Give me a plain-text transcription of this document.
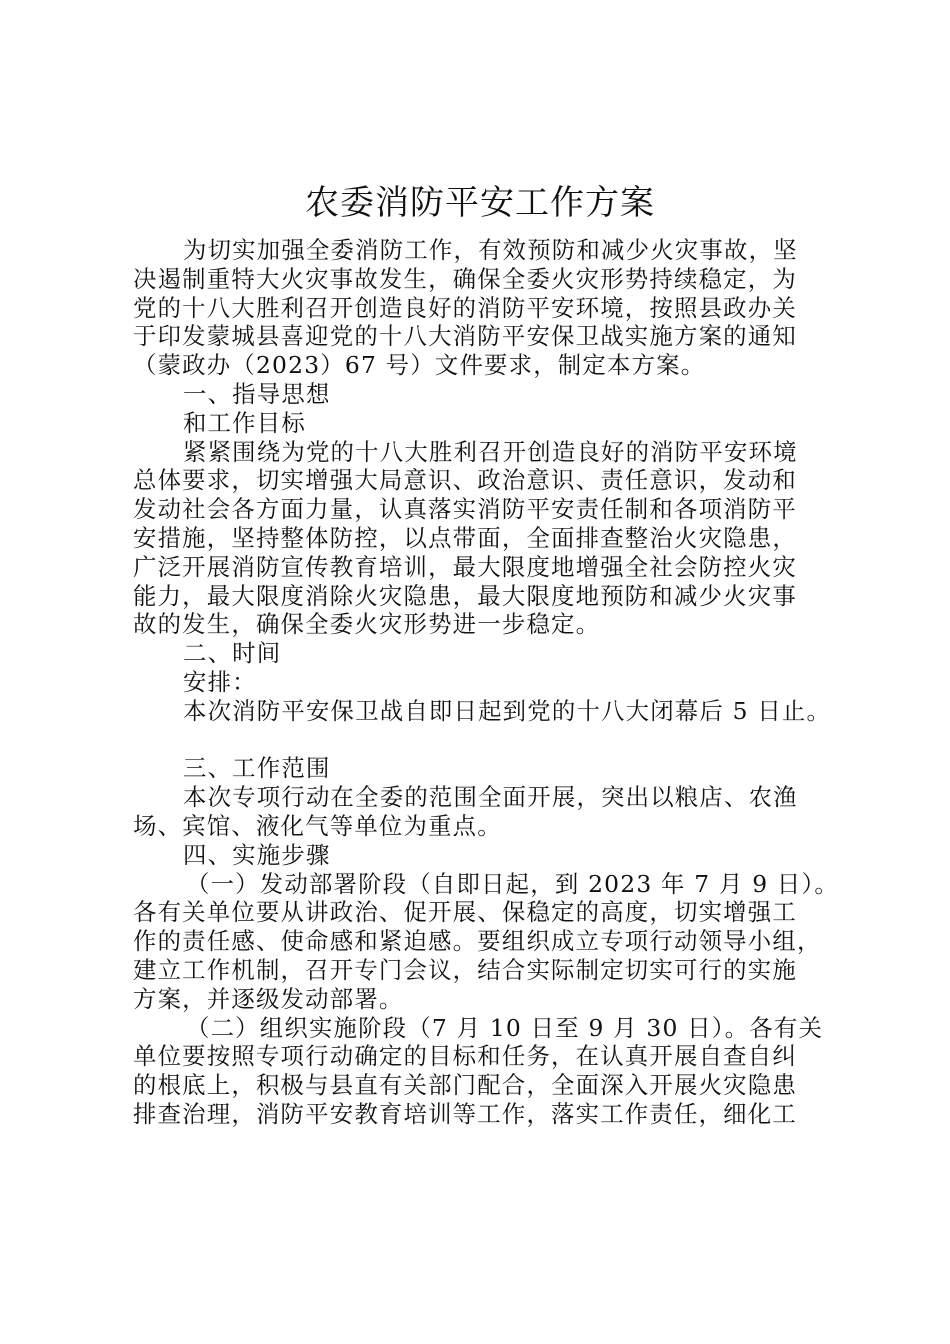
农委消防平安工作方案
为切实加强全委消防工作，有效预防和减少火灾事故，坚
决遏制重特大火灾事故发生，确保全委火灾形势持续稳定，为
党的十八大胜利召开创造良好的消防平安环境，按照县政办关
于印发蒙城县喜迎党的十八大消防平安保卫战实施方案的通知
（蒙政办（2023）67 号）文件要求，制定本方案。
一、指导思想
和工作目标
紧紧围绕为党的十八大胜利召开创造良好的消防平安环境
总体要求，切实增强大局意识、政治意识、责任意识，发动和
发动社会各方面力量，认真落实消防平安责任制和各项消防平
安措施，坚持整体防控，以点带面，全面排查整治火灾隐患，
广泛开展消防宣传教育培训，最大限度地增强全社会防控火灾
能力，最大限度消除火灾隐患，最大限度地预防和减少火灾事
故的发生，确保全委火灾形势进一步稳定。
二、时间
安排：
本次消防平安保卫战自即日起到党的十八大闭幕后 5 日止。
三、工作范围
本次专项行动在全委的范围全面开展，突出以粮店、农渔
场、宾馆、液化气等单位为重点。
四、实施步骤
（一）发动部署阶段（自即日起，到 2023 年 7 月 9 日）。
各有关单位要从讲政治、促开展、保稳定的高度，切实增强工
作的责任感、使命感和紧迫感。要组织成立专项行动领导小组，
建立工作机制，召开专门会议，结合实际制定切实可行的实施
方案，并逐级发动部署。
（二）组织实施阶段（7 月 10 日至 9 月 30 日）。各有关
单位要按照专项行动确定的目标和任务，在认真开展自查自纠
的根底上，积极与县直有关部门配合，全面深入开展火灾隐患
排查治理，消防平安教育培训等工作，落实工作责任，细化工
